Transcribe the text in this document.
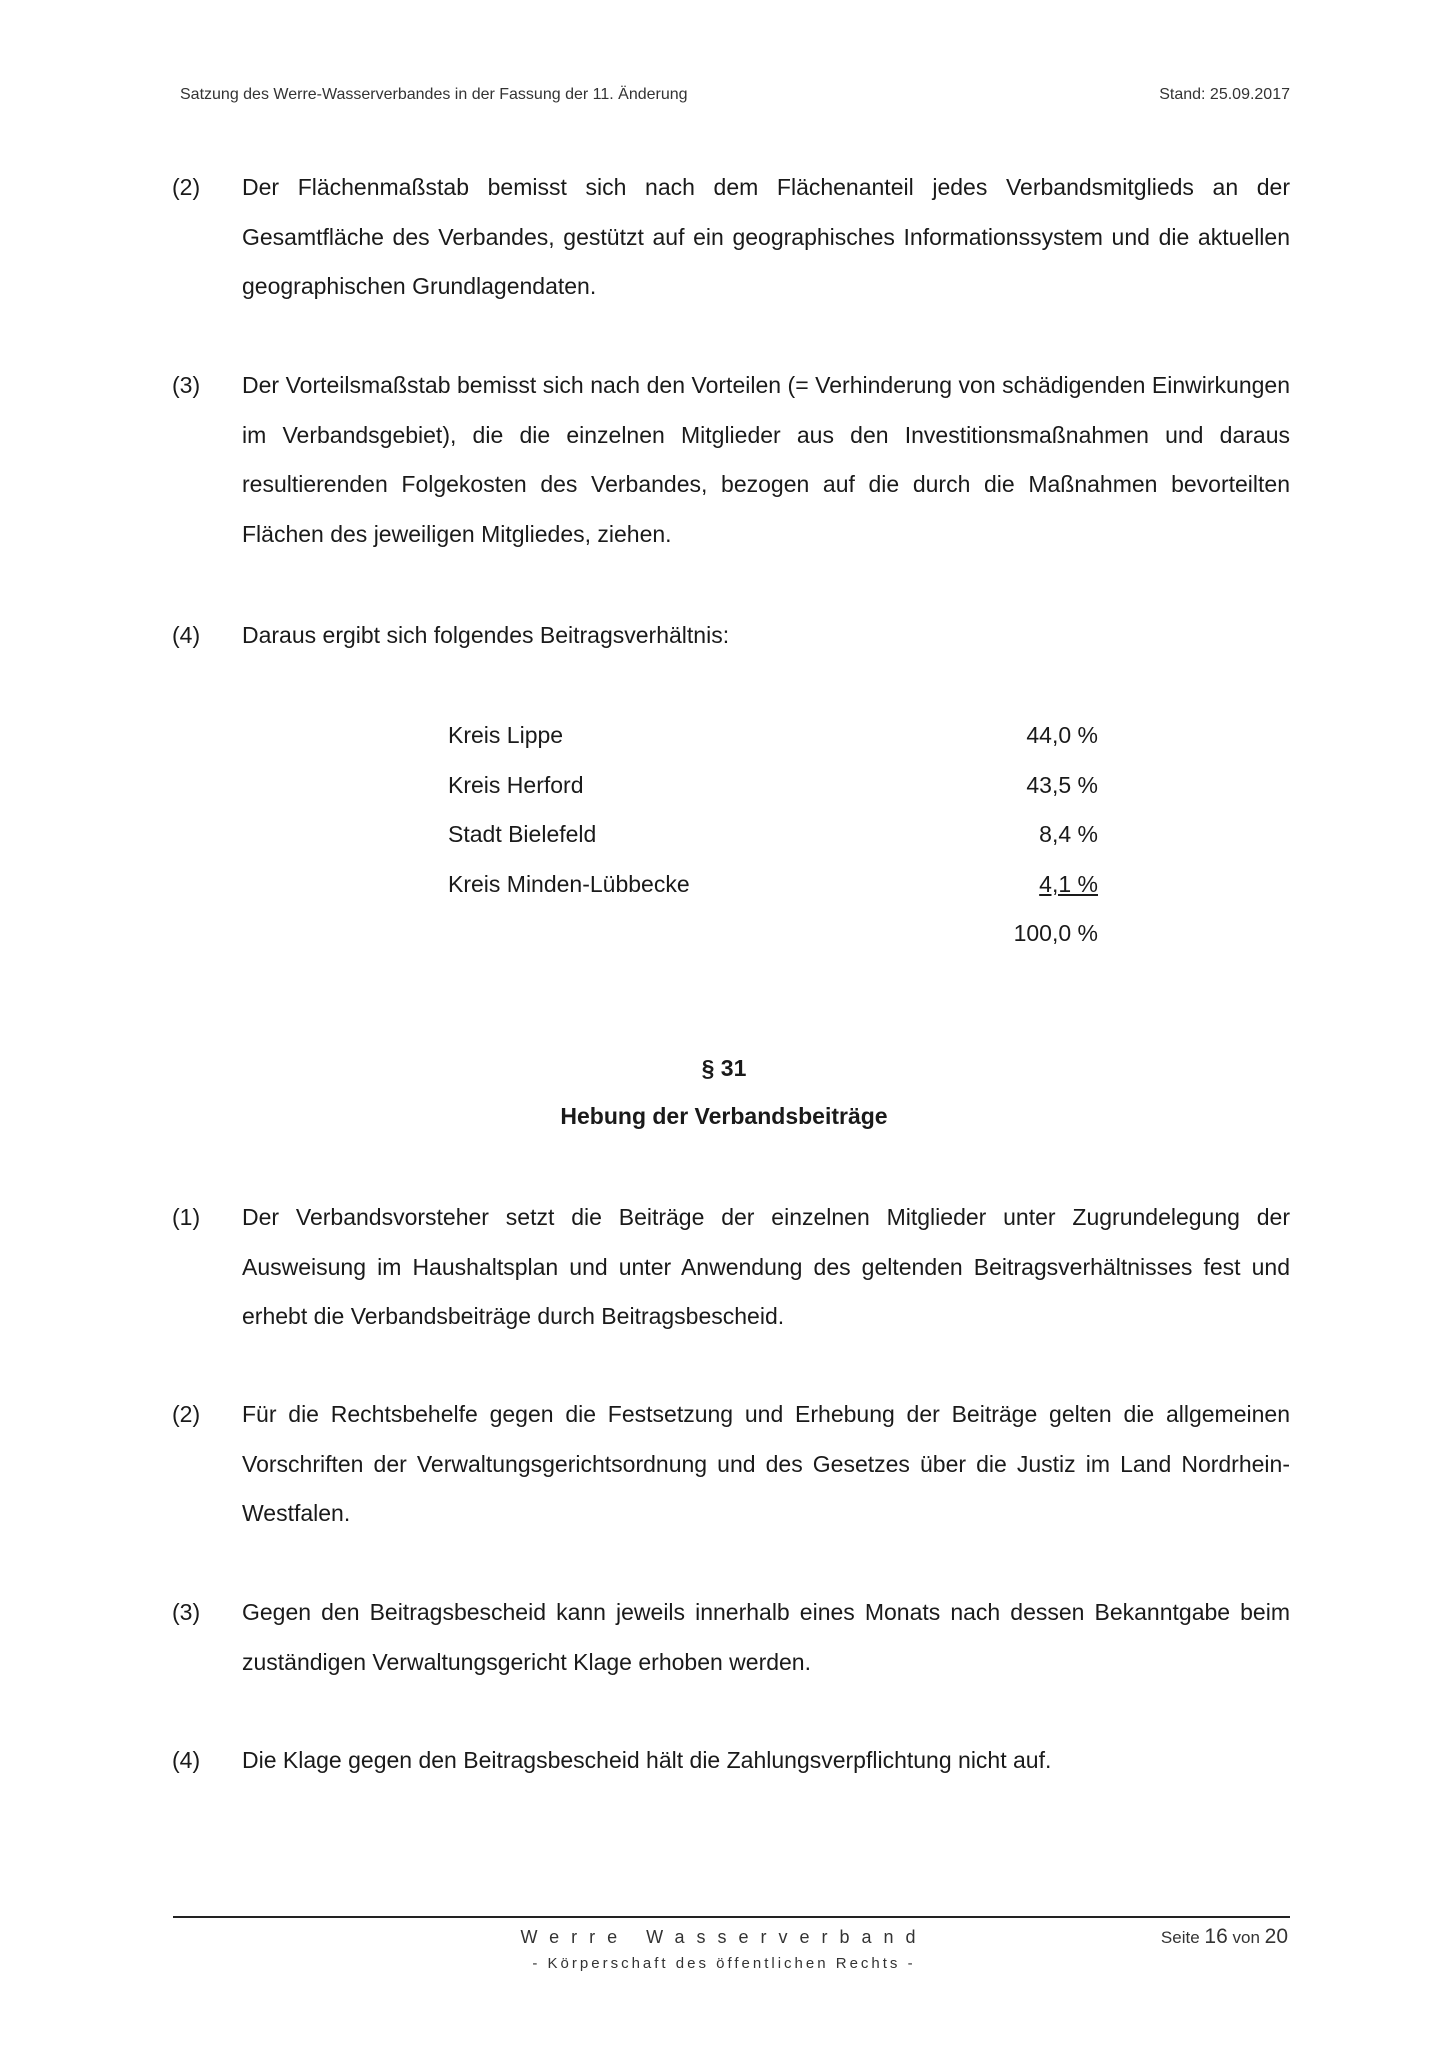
Satzung des Werre-Wasserverbandes in der Fassung der 11. Änderung	Stand: 25.09.2017
(2) Der Flächenmaßstab bemisst sich nach dem Flächenanteil jedes Verbandsmitglieds an der Gesamtfläche des Verbandes, gestützt auf ein geographisches Informationssystem und die aktuellen geographischen Grundlagendaten.
(3) Der Vorteilsmaßstab bemisst sich nach den Vorteilen (= Verhinderung von schädigenden Einwirkungen im Verbandsgebiet), die die einzelnen Mitglieder aus den Investitionsmaßnahmen und daraus resultierenden Folgekosten des Verbandes, bezogen auf die durch die Maßnahmen bevorteilten Flächen des jeweiligen Mitgliedes, ziehen.
(4) Daraus ergibt sich folgendes Beitragsverhältnis:
Kreis Lippe	44,0 %
Kreis Herford	43,5 %
Stadt Bielefeld	8,4 %
Kreis Minden-Lübbecke	4,1 %
100,0 %
§ 31
Hebung der Verbandsbeiträge
(1) Der Verbandsvorsteher setzt die Beiträge der einzelnen Mitglieder unter Zugrundelegung der Ausweisung im Haushaltsplan und unter Anwendung des geltenden Beitragsverhältnisses fest und erhebt die Verbandsbeiträge durch Beitragsbescheid.
(2) Für die Rechtsbehelfe gegen die Festsetzung und Erhebung der Beiträge gelten die allgemeinen Vorschriften der Verwaltungsgerichtsordnung und des Gesetzes über die Justiz im Land Nordrhein-Westfalen.
(3) Gegen den Beitragsbescheid kann jeweils innerhalb eines Monats nach dessen Bekanntgabe beim zuständigen Verwaltungsgericht Klage erhoben werden.
(4) Die Klage gegen den Beitragsbescheid hält die Zahlungsverpflichtung nicht auf.
Werre Wasserverband
- Körperschaft des öffentlichen Rechts -
Seite 16 von 20
